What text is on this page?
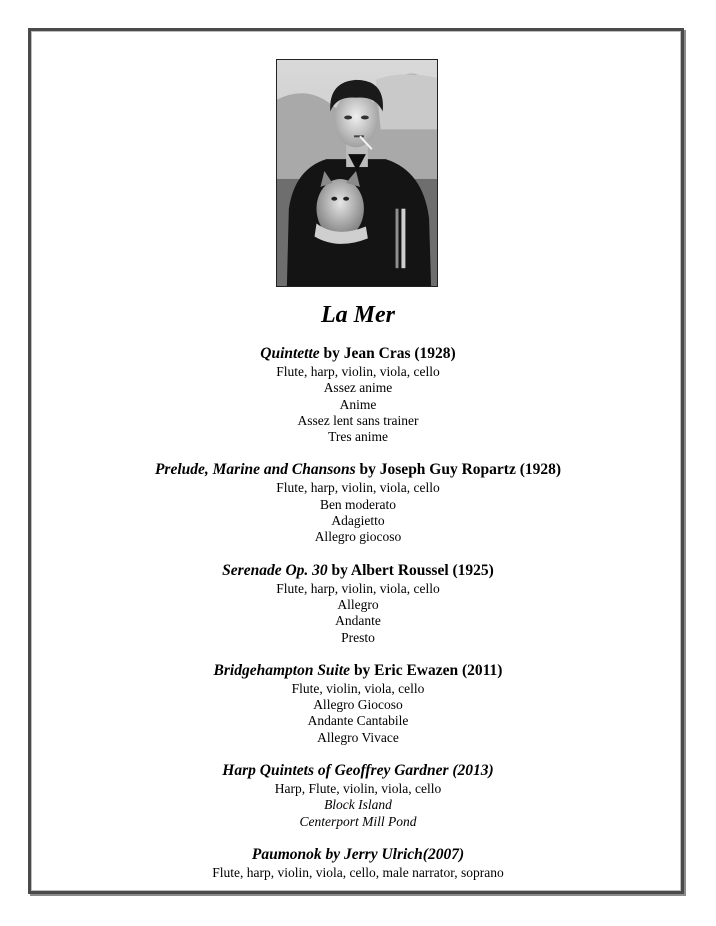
La Mer
Quintette by Jean Cras (1928)
Flute, harp, violin, viola, cello
Assez anime
Anime
Assez lent sans trainer
Tres anime
Prelude, Marine and Chansons by Joseph Guy Ropartz (1928)
Flute, harp, violin, viola, cello
Ben moderato
Adagietto
Allegro giocoso
Serenade Op. 30 by Albert Roussel (1925)
Flute, harp, violin, viola, cello
Allegro
Andante
Presto
Bridgehampton Suite by Eric Ewazen (2011)
Flute, violin, viola, cello
Allegro Giocoso
Andante Cantabile
Allegro Vivace
Harp Quintets of Geoffrey Gardner (2013)
Harp, Flute, violin, viola, cello
Block Island
Centerport Mill Pond
Paumonok by Jerry Ulrich(2007)
Flute, harp, violin, viola, cello, male narrator, soprano
